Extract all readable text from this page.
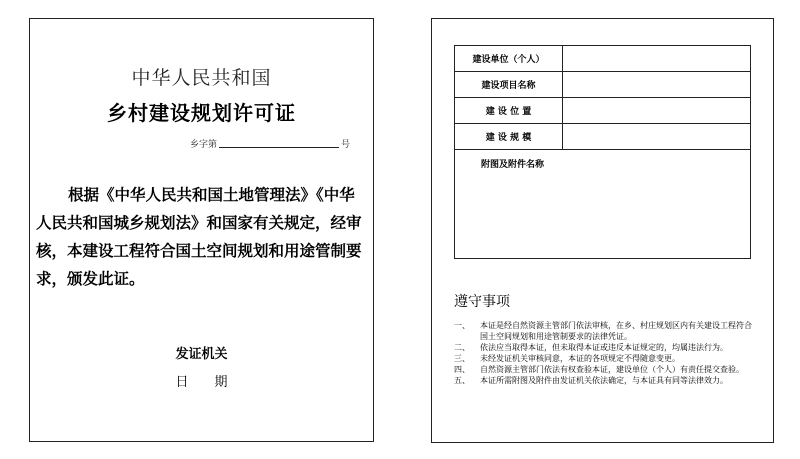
中华人民共和国
乡村建设规划许可证
乡字第	号

根据《中华人民共和国土地管理法》《中华人民共和国城乡规划法》和国家有关规定，经审核，本建设工程符合国土空间规划和用途管制要求，颁发此证。

发证机关
日 期
建设单位（个人）	
建设项目名称	
建 设 位 置	
建 设 规 模	
附图及附件名称	
遵守事项
一、	本证是经自然资源主管部门依法审核，在乡、村庄规划区内有关建设工程符合国土空间规划和用途管制要求的法律凭证。
二、	依法应当取得本证，但未取得本证或违反本证规定的，均属违法行为。
三、	未经发证机关审核同意，本证的各项规定不得随意变更。
四、	自然资源主管部门依法有权查验本证，建设单位（个人）有责任提交查验。
五、	本证所需附图及附件由发证机关依法确定，与本证具有同等法律效力。
